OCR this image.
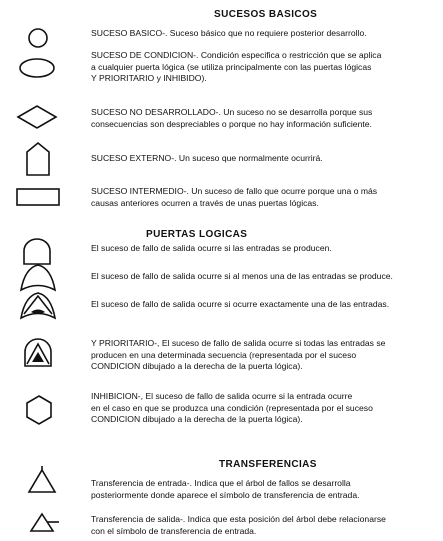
SUCESOS BASICOS
PUERTAS LOGICAS
TRANSFERENCIAS
SUCESO BASICO-. Suceso básico que no requiere posterior desarrollo.
SUCESO DE CONDICION-. Condición especifica o restricción que se aplica
a cualquier puerta lógica (se utiliza principalmente con las puertas lógicas
Y PRIORITARIO y INHIBIDO).
SUCESO NO DESARROLLADO-. Un suceso no se desarrolla porque sus
consecuencias son despreciables o porque no hay información suficiente.
SUCESO EXTERNO-. Un suceso que normalmente ocurrirá.
SUCESO INTERMEDIO-. Un suceso de fallo que ocurre porque una o más
causas anteriores ocurren a través de unas puertas lógicas.
El suceso de fallo de salida ocurre si las entradas se producen.
El suceso de fallo de salida ocurre si al menos una de las entradas se produce.
El suceso de fallo de salida ocurre si ocurre exactamente una de las entradas.
Y PRIORITARIO-, El suceso de fallo de salida ocurre si todas las entradas se
producen en una determinada secuencia (representada por el suceso
CONDICION dibujado a la derecha de la puerta lógica).
INHIBICION-, El suceso de fallo de salida ocurre si la entrada ocurre
en el caso en que se produzca una condición (representada por el suceso
CONDICION dibujado a la derecha de la puerta lógica).
Transferencia de entrada-. Indica que el árbol de fallos se desarrolla
posteriormente donde aparece el símbolo de transferencia de entrada.
Transferencia de salida-. Indica que esta posición del árbol debe relacionarse
con el símbolo de transferencia de entrada.
